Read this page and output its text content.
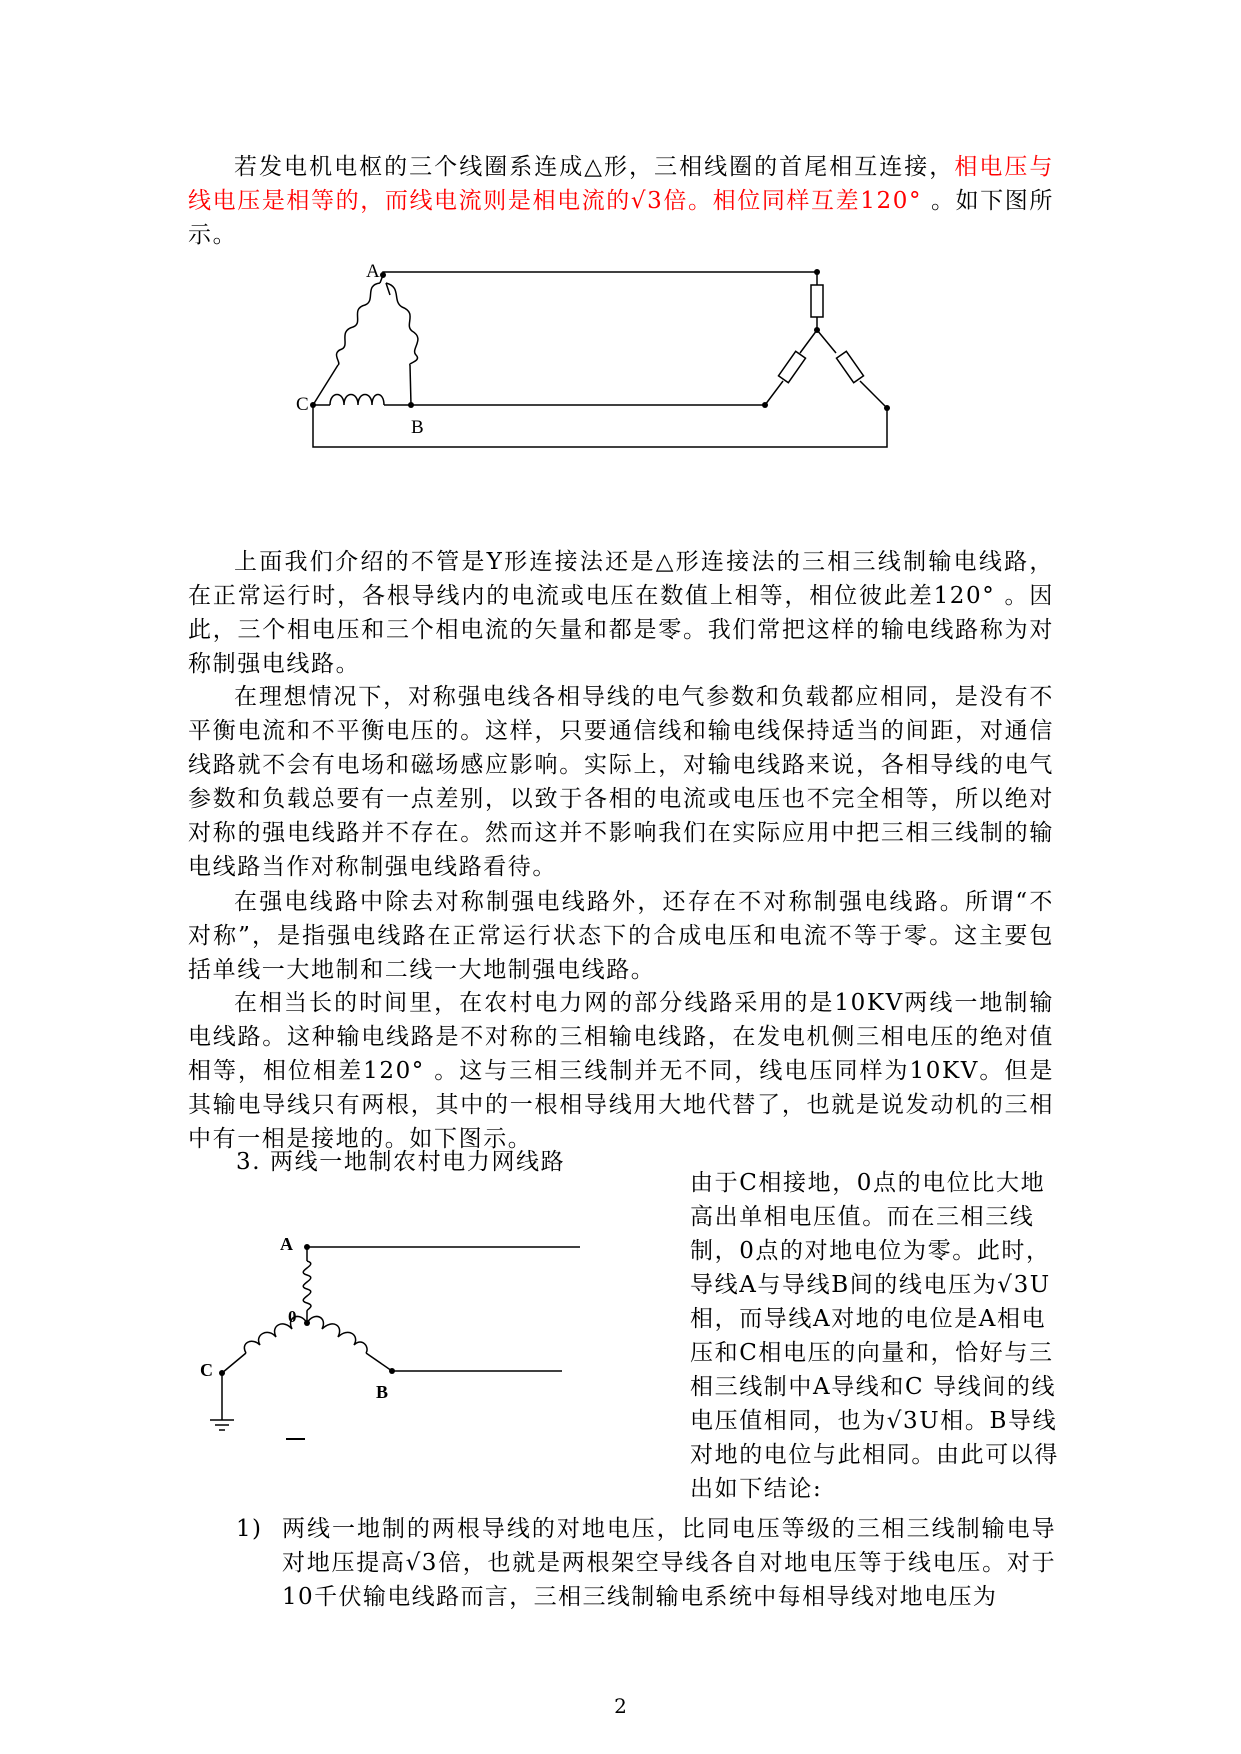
若发电机电枢的三个线圈系连成△形，三相线圈的首尾相互连接，相电压与线电压是相等的，而线电流则是相电流的√3倍。相位同样互差120° 。如下图所示。

A
C
B

上面我们介绍的不管是Y形连接法还是△形连接法的三相三线制输电线路，在正常运行时，各根导线内的电流或电压在数值上相等，相位彼此差120° 。因此，三个相电压和三个相电流的矢量和都是零。我们常把这样的输电线路称为对称制强电线路。

在理想情况下，对称强电线各相导线的电气参数和负载都应相同，是没有不平衡电流和不平衡电压的。这样，只要通信线和输电线保持适当的间距，对通信线路就不会有电场和磁场感应影响。实际上，对输电线路来说，各相导线的电气参数和负载总要有一点差别，以致于各相的电流或电压也不完全相等，所以绝对对称的强电线路并不存在。然而这并不影响我们在实际应用中把三相三线制的输电线路当作对称制强电线路看待。

在强电线路中除去对称制强电线路外，还存在不对称制强电线路。所谓“不对称”，是指强电线路在正常运行状态下的合成电压和电流不等于零。这主要包括单线一大地制和二线一大地制强电线路。

在相当长的时间里，在农村电力网的部分线路采用的是10KV两线一地制输电线路。这种输电线路是不对称的三相输电线路，在发电机侧三相电压的绝对值相等，相位相差120° 。这与三相三线制并无不同，线电压同样为10KV。但是其输电导线只有两根，其中的一根相导线用大地代替了，也就是说发动机的三相中有一相是接地的。如下图示。

3. 两线一地制农村电力网线路

A
0
C
B

由于C相接地，0点的电位比大地高出单相电压值。而在三相三线制，0点的对地电位为零。此时，导线A与导线B间的线电压为√3U相，而导线A对地的电位是A相电压和C相电压的向量和，恰好与三相三线制中A导线和C 导线间的线电压值相同，也为√3U相。B导线对地的电位与此相同。由此可以得出如下结论:

1) 两线一地制的两根导线的对地电压，比同电压等级的三相三线制输电导对地压提高√3倍，也就是两根架空导线各自对地电压等于线电压。对于10千伏输电线路而言，三相三线制输电系统中每相导线对地电压为

2
